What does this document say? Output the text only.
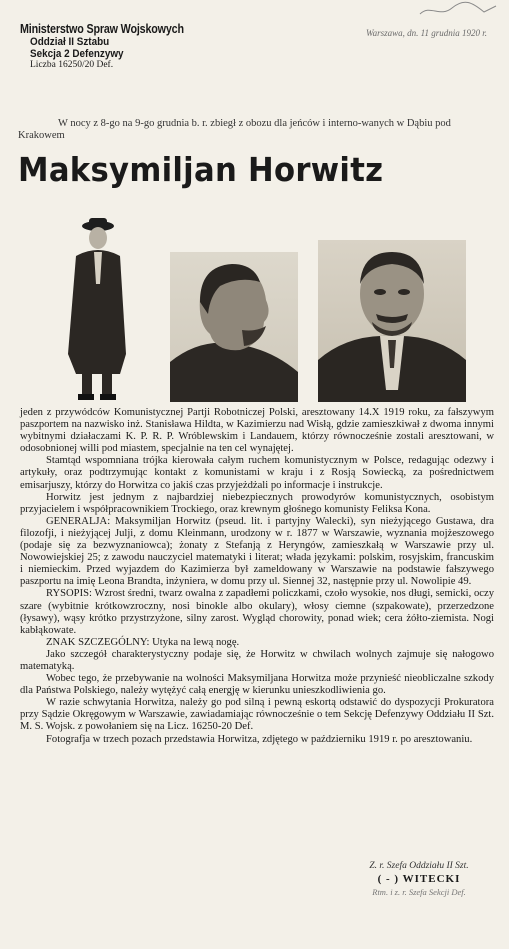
Ministerstwo Spraw Wojskowych
Oddział II Sztabu
Sekcja 2 Defenzywy
Liczba 16250/20 Def.
Warszawa, dn. 11 grudnia 1920 r.
W nocy z 8-go na 9-go grudnia b. r. zbiegł z obozu dla jeńców i interno-wanych w Dąbiu pod Krakowem
Maksymiljan Horwitz

jeden z przywódców Komunistycznej Partji Robotniczej Polski, aresztowany 14.X 1919 roku, za fałszywym paszportem na nazwisko inż. Stanisława Hildta, w Kazimierzu nad Wisłą, gdzie zamieszkiwał z dwoma innymi wybitnymi działaczami K. P. R. P. Wróblewskim i Landauem, którzy równocześnie zostali aresztowani, w odosobnionej willi pod miastem, specjalnie na ten cel wynajętej.

Stamtąd wspomniana trójka kierowała całym ruchem komunistycznym w Polsce, redagując odezwy i artykuły, oraz podtrzymując kontakt z komunistami w kraju i z Rosją Sowiecką, za pośrednictwem emisarjuszy, którzy do Horwitza co jakiś czas przyjeżdżali po informacje i instrukcje.

Horwitz jest jednym z najbardziej niebezpiecznych prowodyrów komunistycznych, osobistym przyjacielem i współpracownikiem Trockiego, oraz krewnym głośnego komunisty Feliksa Kona.

GENERALJA: Maksymiljan Horwitz (pseud. lit. i partyjny Walecki), syn nieżyjącego Gustawa, dra filozofji, i nieżyjącej Julji, z domu Kleinmann, urodzony w r. 1877 w Warszawie, wyznania mojżeszowego (podaje się za bezwyznaniowca); żonaty z Stefanją z Heryngów, zamieszkałą w Warszawie przy ul. Nowowiejskiej 25; z zawodu nauczyciel matematyki i literat; włada językami: polskim, rosyjskim, francuskim i niemieckim. Przed wyjazdem do Kazimierza był zameldowany w Warszawie na podstawie fałszywego paszportu na imię Leona Brandta, inżyniera, w domu przy ul. Siennej 32, następnie przy ul. Nowolipie 49.

RYSOPIS: Wzrost średni, twarz owalna z zapadłemi policzkami, czoło wysokie, nos długi, semicki, oczy szare (wybitnie krótkowzroczny, nosi binokle albo okulary), włosy ciemne (szpakowate), przerzedzone (łysawy), wąsy krótko przystrzyżone, silny zarost. Wygląd chorowity, ponad wiek; cera żółto-ziemista. Nogi kabłąkowate.

ZNAK SZCZEGÓLNY: Utyka na lewą nogę.

Jako szczegół charakterystyczny podaje się, że Horwitz w chwilach wolnych zajmuje się nałogowo matematyką.

Wobec tego, że przebywanie na wolności Maksymiljana Horwitza może przynieść nieobliczalne szkody dla Państwa Polskiego, należy wytężyć całą energję w kierunku unieszkodliwienia go.

W razie schwytania Horwitza, należy go pod silną i pewną eskortą odstawić do dyspozycji Prokuratora przy Sądzie Okręgowym w Warszawie, zawiadamiając równocześnie o tem Sekcję Defenzywy Oddziału II Szt. M. S. Wojsk. z powołaniem się na Licz. 16250-20 Def.

Fotografja w trzech pozach przedstawia Horwitza, zdjętego w październiku 1919 r. po aresztowaniu.

Z. r. Szefa Oddziału II Szt.
( - ) WITECKI
Rtm. i z. r. Szefa Sekcji Def.
